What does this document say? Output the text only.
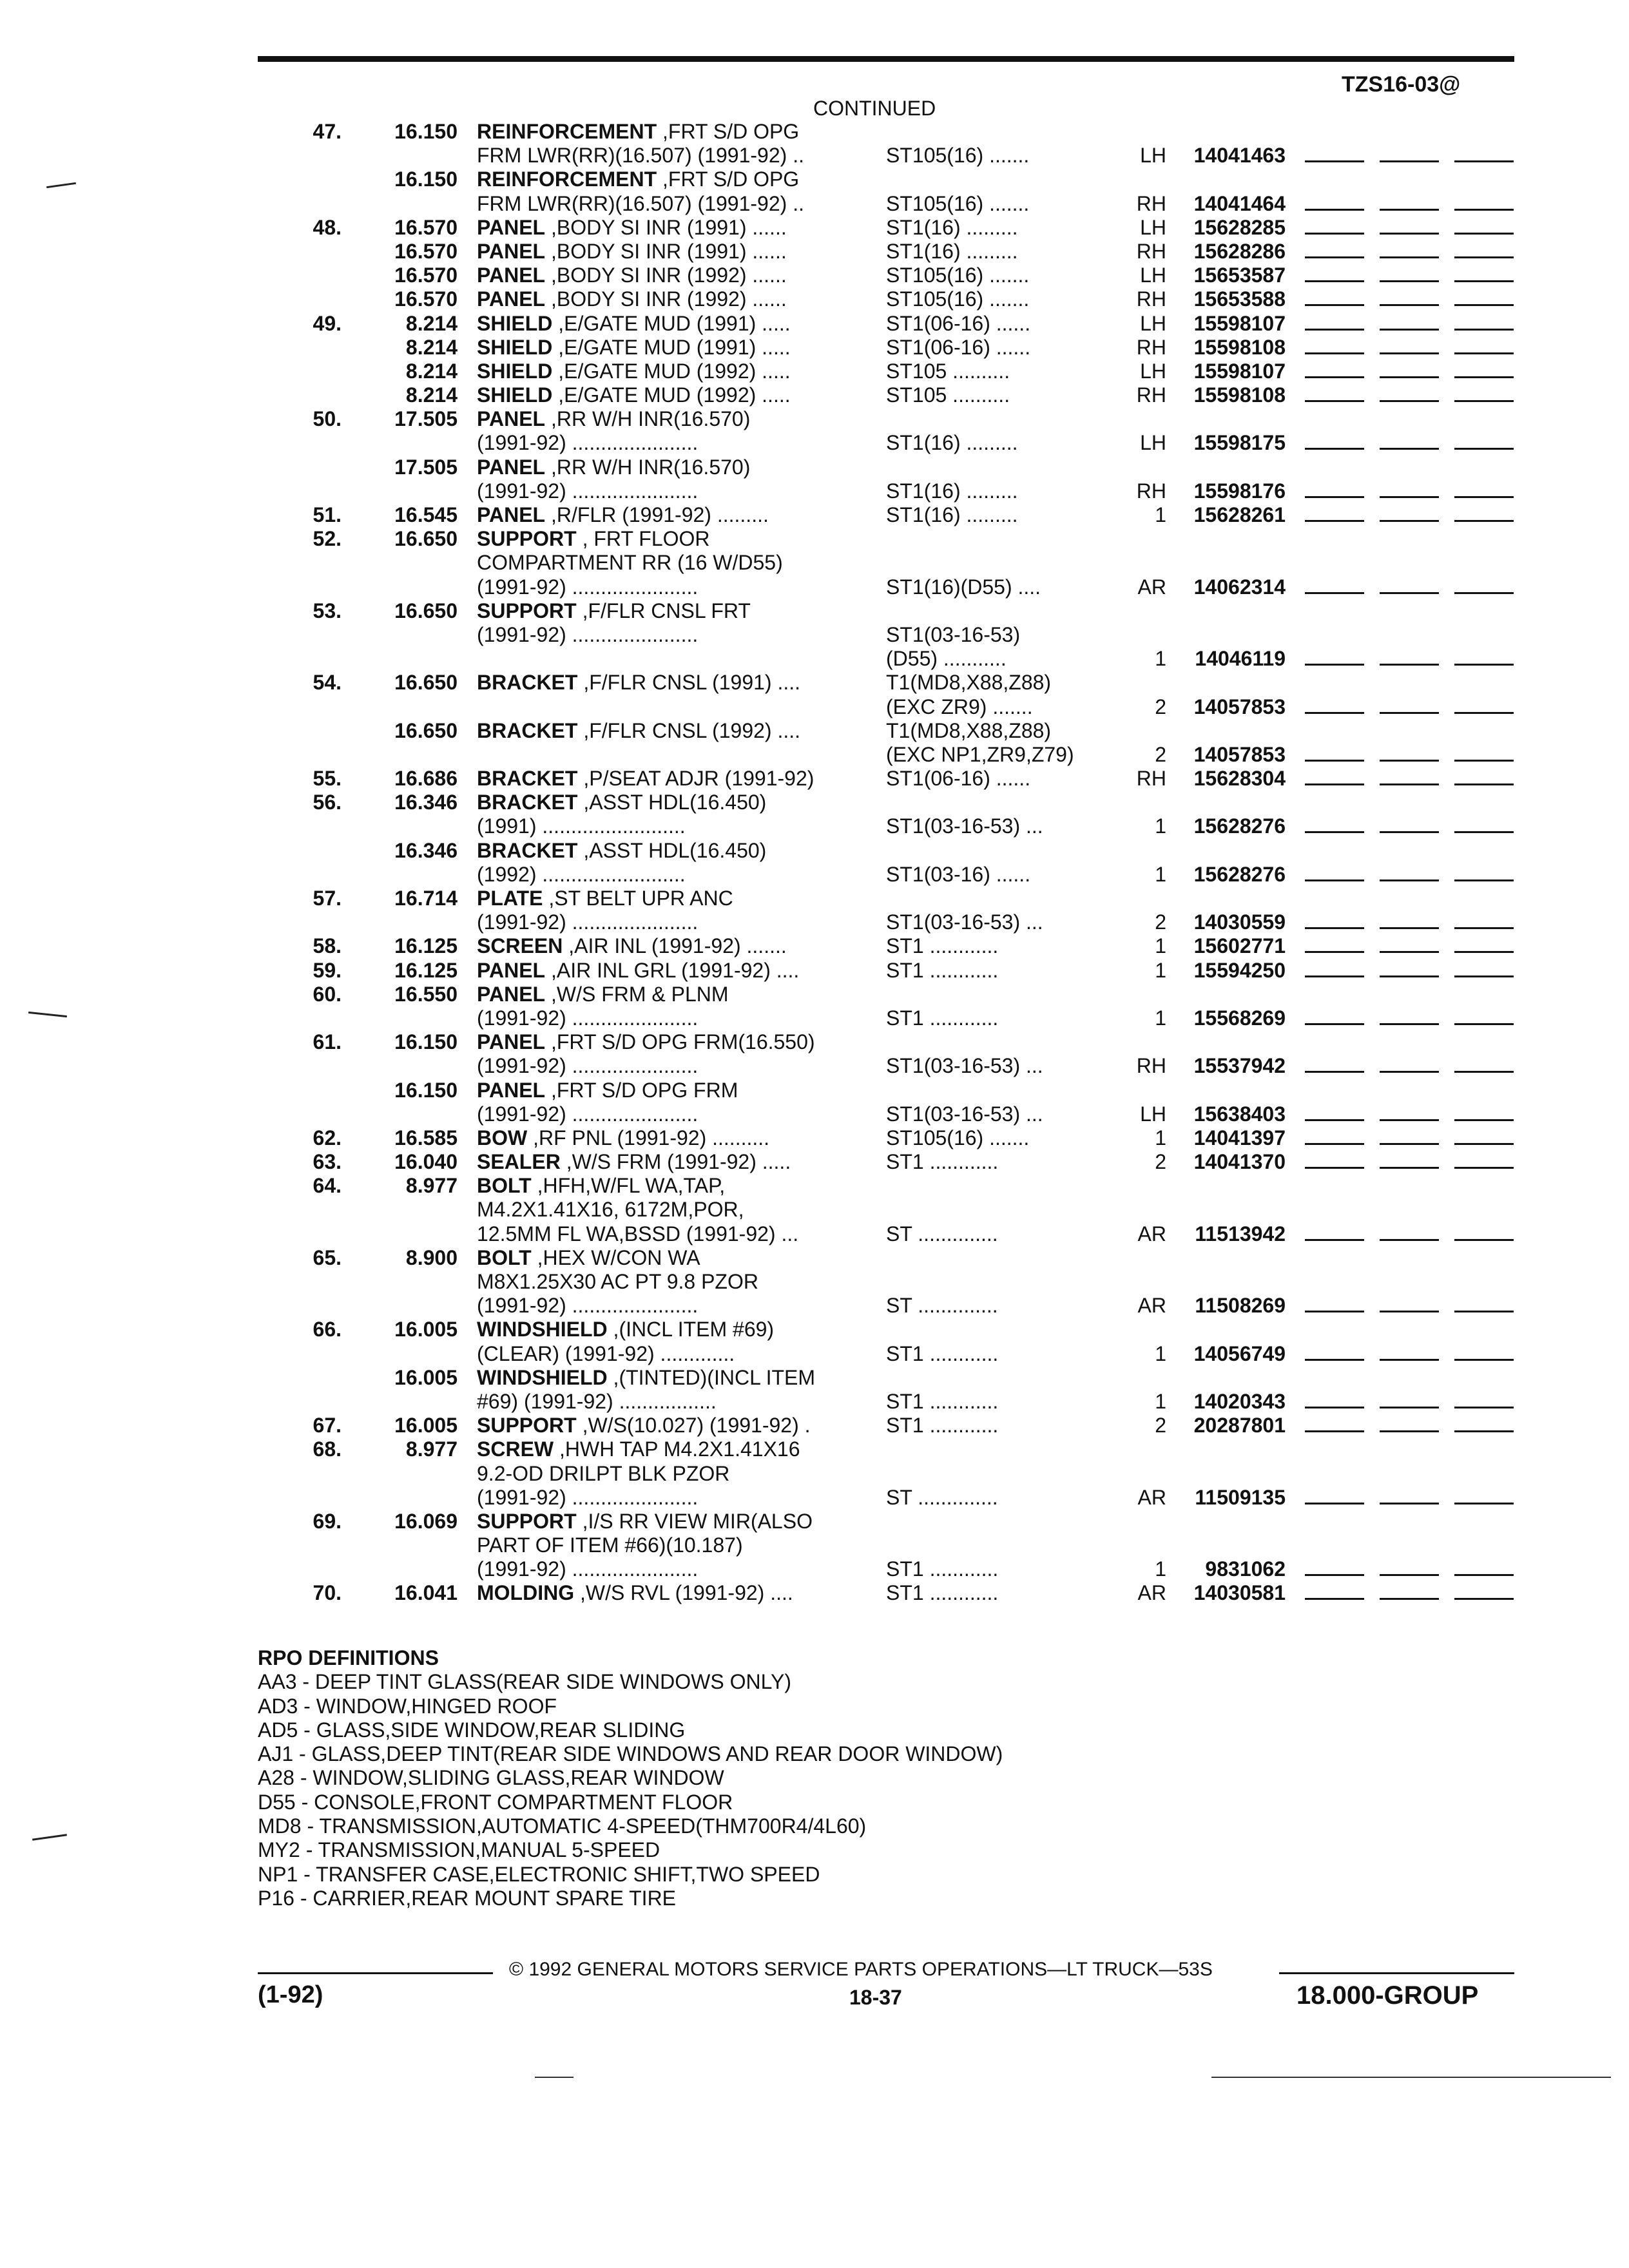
TZS16-03@
CONTINUED
47.	16.150 REINFORCEMENT ,FRT S/D OPG
FRM LWR(RR)(16.507) (1991-92) ..	ST105(16) .......	LH	14041463
16.150 REINFORCEMENT ,FRT S/D OPG
FRM LWR(RR)(16.507) (1991-92) ..	ST105(16) .......	RH	14041464
48.	16.570 PANEL ,BODY SI INR (1991) ......	ST1(16) .........	LH	15628285
16.570 PANEL ,BODY SI INR (1991) ......	ST1(16) .........	RH	15628286
16.570 PANEL ,BODY SI INR (1992) ......	ST105(16) .......	LH	15653587
16.570 PANEL ,BODY SI INR (1992) ......	ST105(16) .......	RH	15653588
49.	8.214 SHIELD ,E/GATE MUD (1991) .....	ST1(06-16) ......	LH	15598107
8.214 SHIELD ,E/GATE MUD (1991) .....	ST1(06-16) ......	RH	15598108
8.214 SHIELD ,E/GATE MUD (1992) .....	ST105 ..........	LH	15598107
8.214 SHIELD ,E/GATE MUD (1992) .....	ST105 ..........	RH	15598108
50.	17.505 PANEL ,RR W/H INR(16.570)
(1991-92) ......................	ST1(16) .........	LH	15598175
17.505 PANEL ,RR W/H INR(16.570)
(1991-92) ......................	ST1(16) .........	RH	15598176
51.	16.545 PANEL ,R/FLR (1991-92) .........	ST1(16) .........	1	15628261
52.	16.650 SUPPORT , FRT FLOOR
COMPARTMENT RR (16 W/D55)
(1991-92) ......................	ST1(16)(D55) ....	AR	14062314
53.	16.650 SUPPORT ,F/FLR CNSL FRT
(1991-92) ......................	ST1(03-16-53)
(D55) ...........	1	14046119
54.	16.650 BRACKET ,F/FLR CNSL (1991) ....	T1(MD8,X88,Z88)
(EXC ZR9) .......	2	14057853
16.650 BRACKET ,F/FLR CNSL (1992) ....	T1(MD8,X88,Z88)
(EXC NP1,ZR9,Z79)	2	14057853
55.	16.686 BRACKET ,P/SEAT ADJR (1991-92)	ST1(06-16) ......	RH	15628304
56.	16.346 BRACKET ,ASST HDL(16.450)
(1991) .........................	ST1(03-16-53) ...	1	15628276
16.346 BRACKET ,ASST HDL(16.450)
(1992) .........................	ST1(03-16) ......	1	15628276
57.	16.714 PLATE ,ST BELT UPR ANC
(1991-92) ......................	ST1(03-16-53) ...	2	14030559
58.	16.125 SCREEN ,AIR INL (1991-92) .......	ST1 ............	1	15602771
59.	16.125 PANEL ,AIR INL GRL (1991-92) ....	ST1 ............	1	15594250
60.	16.550 PANEL ,W/S FRM & PLNM
(1991-92) ......................	ST1 ............	1	15568269
61.	16.150 PANEL ,FRT S/D OPG FRM(16.550)
(1991-92) ......................	ST1(03-16-53) ...	RH	15537942
16.150 PANEL ,FRT S/D OPG FRM
(1991-92) ......................	ST1(03-16-53) ...	LH	15638403
62.	16.585 BOW ,RF PNL (1991-92) ..........	ST105(16) .......	1	14041397
63.	16.040 SEALER ,W/S FRM (1991-92) .....	ST1 ............	2	14041370
64.	8.977 BOLT ,HFH,W/FL WA,TAP,
M4.2X1.41X16, 6172M,POR,
12.5MM FL WA,BSSD (1991-92) ...	ST ..............	AR	11513942
65.	8.900 BOLT ,HEX W/CON WA
M8X1.25X30 AC PT 9.8 PZOR
(1991-92) ......................	ST ..............	AR	11508269
66.	16.005 WINDSHIELD ,(INCL ITEM #69)
(CLEAR) (1991-92) .............	ST1 ............	1	14056749
16.005 WINDSHIELD ,(TINTED)(INCL ITEM
#69) (1991-92) .................	ST1 ............	1	14020343
67.	16.005 SUPPORT ,W/S(10.027) (1991-92) .	ST1 ............	2	20287801
68.	8.977 SCREW ,HWH TAP M4.2X1.41X16
9.2-OD DRILPT BLK PZOR
(1991-92) ......................	ST ..............	AR	11509135
69.	16.069 SUPPORT ,I/S RR VIEW MIR(ALSO
PART OF ITEM #66)(10.187)
(1991-92) ......................	ST1 ............	1	9831062
70.	16.041 MOLDING ,W/S RVL (1991-92) ....	ST1 ............	AR	14030581
RPO DEFINITIONS
AA3 - DEEP TINT GLASS(REAR SIDE WINDOWS ONLY)
AD3 - WINDOW,HINGED ROOF
AD5 - GLASS,SIDE WINDOW,REAR SLIDING
AJ1 - GLASS,DEEP TINT(REAR SIDE WINDOWS AND REAR DOOR WINDOW)
A28 - WINDOW,SLIDING GLASS,REAR WINDOW
D55 - CONSOLE,FRONT COMPARTMENT FLOOR
MD8 - TRANSMISSION,AUTOMATIC 4-SPEED(THM700R4/4L60)
MY2 - TRANSMISSION,MANUAL 5-SPEED
NP1 - TRANSFER CASE,ELECTRONIC SHIFT,TWO SPEED
P16 - CARRIER,REAR MOUNT SPARE TIRE
© 1992 GENERAL MOTORS SERVICE PARTS OPERATIONS—LT TRUCK—53S
(1-92)	18-37	18.000-GROUP
